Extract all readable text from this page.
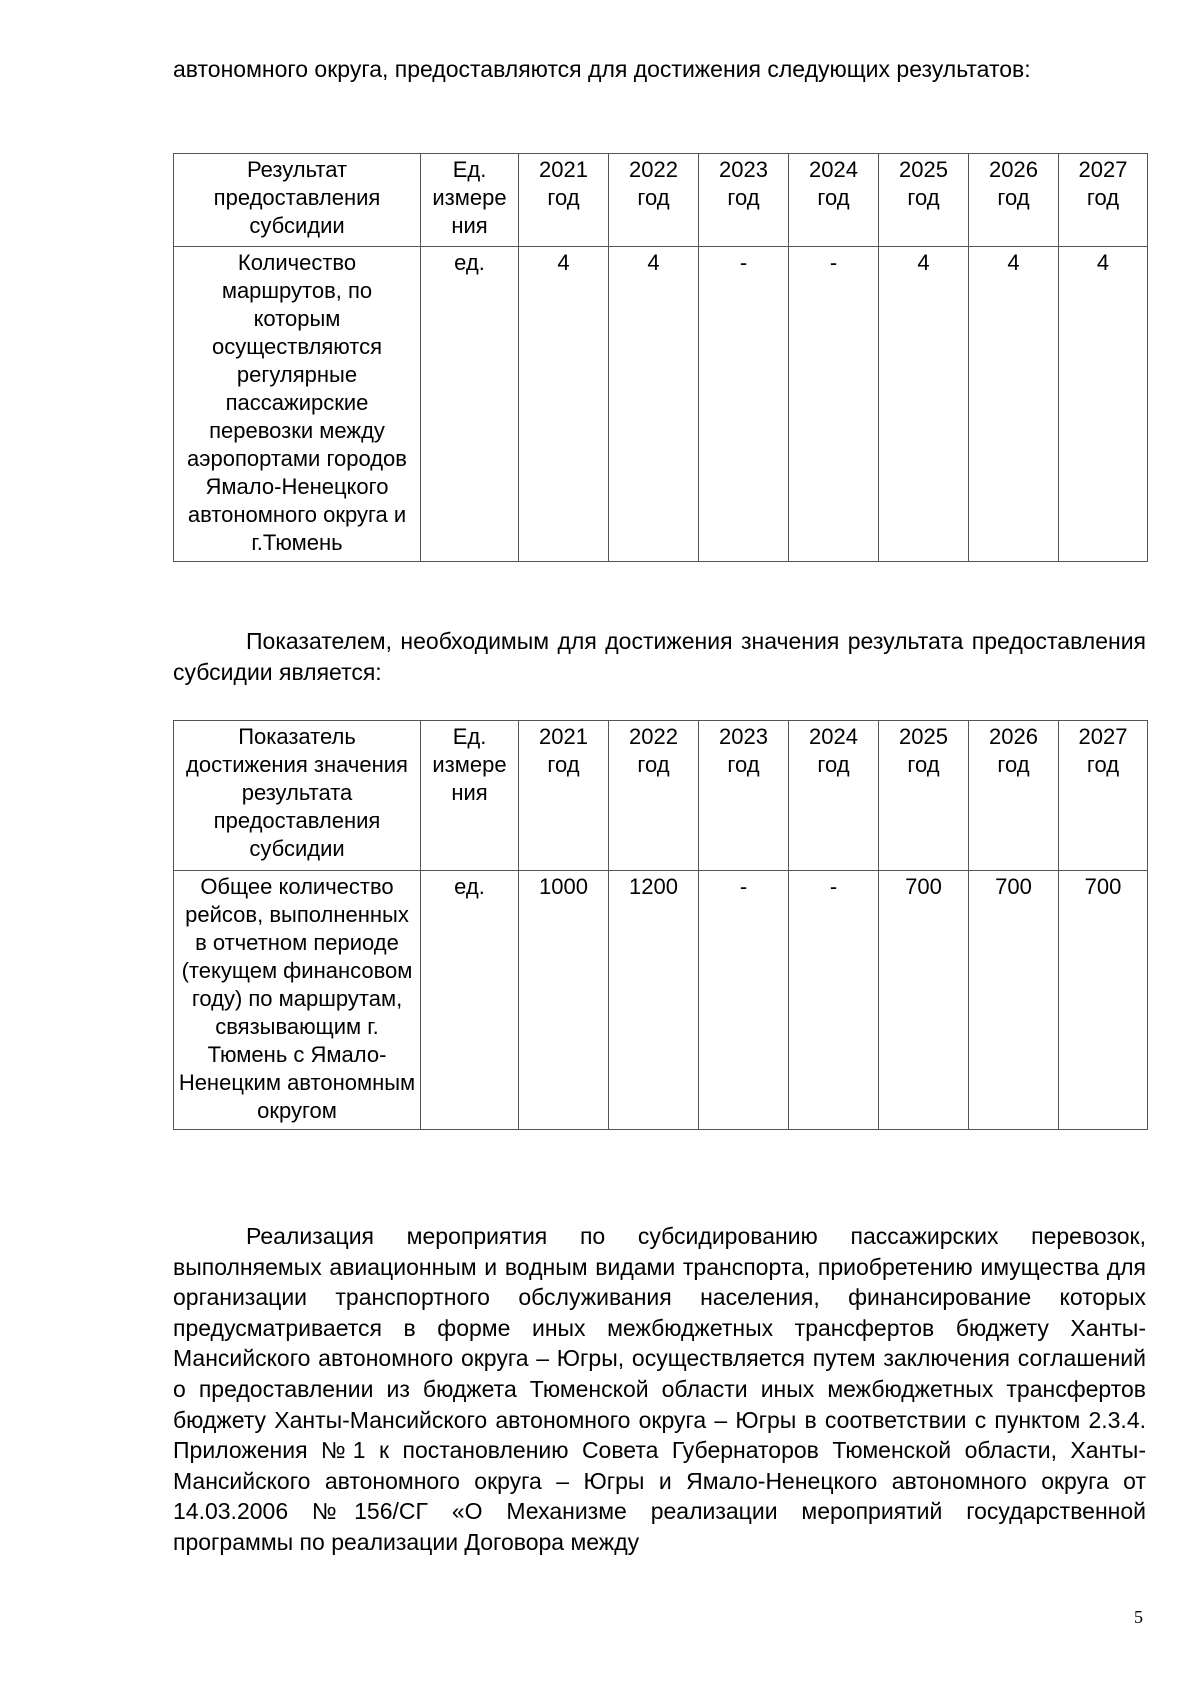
автономного округа, предоставляются для достижения следующих результатов:

Результат предоставления субсидии	Ед. измере ния	2021 год	2022 год	2023 год	2024 год	2025 год	2026 год	2027 год
Количество маршрутов, по которым осуществляются регулярные пассажирские перевозки между аэропортами городов Ямало-Ненецкого автономного округа и г.Тюмень	ед.	4	4	-	-	4	4	4

Показателем, необходимым для достижения значения результата предоставления субсидии является:

Показатель достижения значения результата предоставления субсидии	Ед. измере ния	2021 год	2022 год	2023 год	2024 год	2025 год	2026 год	2027 год
Общее количество рейсов, выполненных в отчетном периоде (текущем финансовом году) по маршрутам, связывающим г. Тюмень с Ямало-Ненецким автономным округом	ед.	1000	1200	-	-	700	700	700

Реализация мероприятия по субсидированию пассажирских перевозок, выполняемых авиационным и водным видами транспорта, приобретению имущества для организации транспортного обслуживания населения, финансирование которых предусматривается в форме иных межбюджетных трансфертов бюджету Ханты-Мансийского автономного округа – Югры, осуществляется путем заключения соглашений о предоставлении из бюджета Тюменской области иных межбюджетных трансфертов бюджету Ханты-Мансийского автономного округа – Югры в соответствии с пунктом 2.3.4. Приложения №1 к постановлению Совета Губернаторов Тюменской области, Ханты-Мансийского автономного округа – Югры и Ямало-Ненецкого автономного округа от 14.03.2006 №156/СГ «О Механизме реализации мероприятий государственной программы по реализации Договора между

5
